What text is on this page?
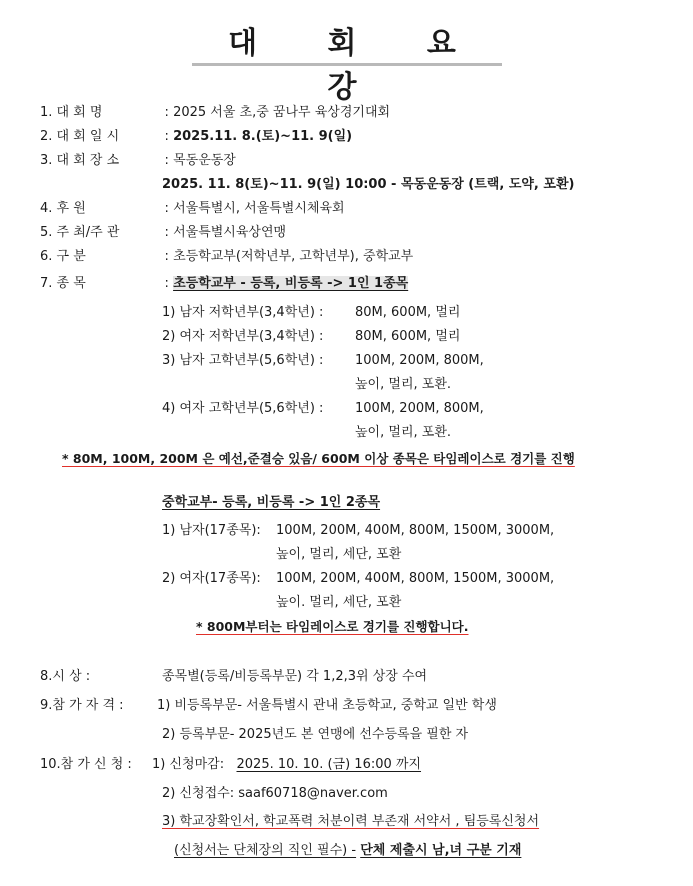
대 회 요 강
1. 대 회 명	: 2025 서울 초,중 꿈나무 육상경기대회
2. 대 회 일 시	: 2025.11. 8.(토)~11. 9(일)
3. 대 회 장 소	: 목동운동장
2025. 11. 8(토)~11. 9(일) 10:00 - 목동운동장 (트랙, 도약, 포환)
4. 후 원	: 서울특별시, 서울특별시체육회
5. 주 최/주 관	: 서울특별시육상연맹
6. 구 분	: 초등학교부(저학년부, 고학년부), 중학교부
7. 종 목	: 초등학교부 - 등록, 비등록 -> 1인 1종목
1) 남자 저학년부(3,4학년) : 80M, 600M, 멀리
2) 여자 저학년부(3,4학년) : 80M, 600M, 멀리
3) 남자 고학년부(5,6학년) : 100M, 200M, 800M,
높이, 멀리, 포환.
4) 여자 고학년부(5,6학년) : 100M, 200M, 800M,
높이, 멀리, 포환.
* 80M, 100M, 200M 은 예선,준결승 있음/ 600M 이상 종목은 타임레이스로 경기를 진행
중학교부- 등록, 비등록 -> 1인 2종목
1) 남자(17종목): 100M, 200M, 400M, 800M, 1500M, 3000M,
높이, 멀리, 세단, 포환
2) 여자(17종목): 100M, 200M, 400M, 800M, 1500M, 3000M,
높이. 멀리, 세단, 포환
* 800M부터는 타임레이스로 경기를 진행합니다.
8.시 상 :	종목별(등록/비등록부문) 각 1,2,3위 상장 수여
9.참 가 자 격 :	1) 비등록부문- 서울특별시 관내 초등학교, 중학교 일반 학생
2) 등록부문- 2025년도 본 연맹에 선수등록을 필한 자
10.참 가 신 청 : 1) 신청마감: 2025. 10. 10. (금) 16:00 까지
2) 신청접수: saaf60718@naver.com
3) 학교장확인서, 학교폭력 처분이력 부존재 서약서 , 팀등록신청서
(신청서는 단체장의 직인 필수) - 단체 제출시 남,녀 구분 기재
